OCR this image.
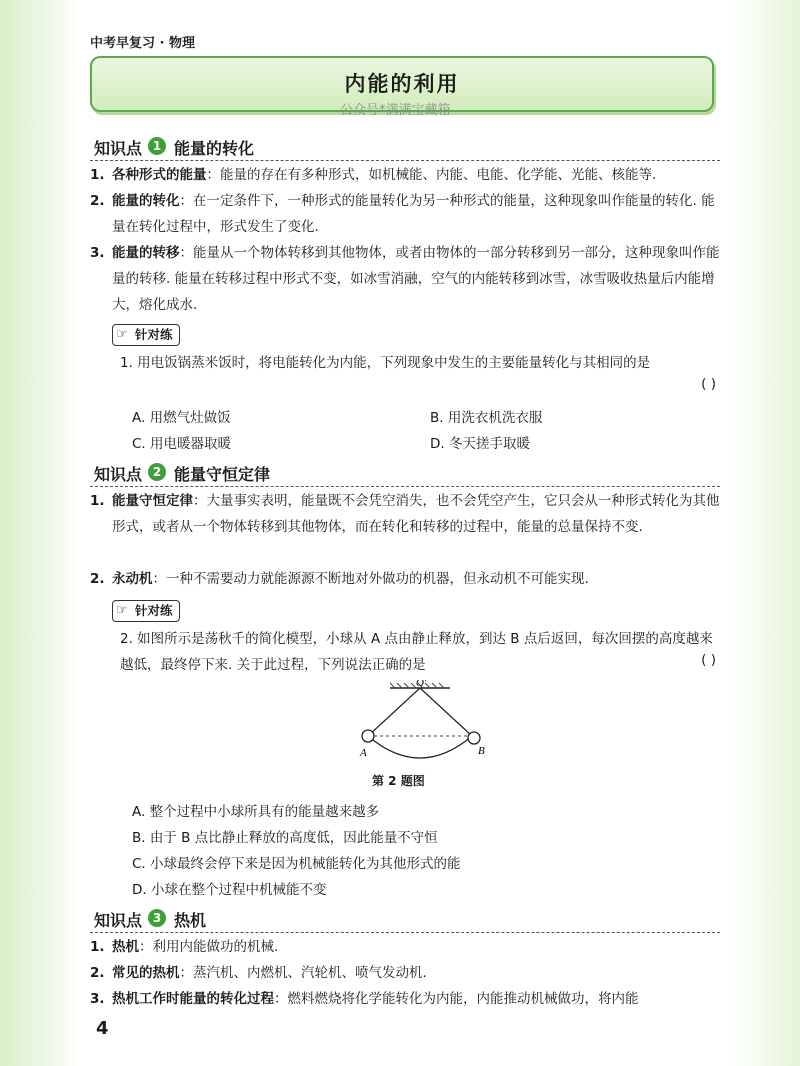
中考早复习 · 物理
内能的利用
公众号*满满宝藏箱
知识点 1 能量的转化
1. 各种形式的能量：能量的存在有多种形式，如机械能、内能、电能、化学能、光能、核能等.
2. 能量的转化：在一定条件下，一种形式的能量转化为另一种形式的能量，这种现象叫作能量的转化. 能量在转化过程中，形式发生了变化.
3. 能量的转移：能量从一个物体转移到其他物体，或者由物体的一部分转移到另一部分，这种现象叫作能量的转移. 能量在转移过程中形式不变，如冰雪消融，空气的内能转移到冰雪，冰雪吸收热量后内能增大，熔化成水.
☞ 针对练
1. 用电饭锅蒸米饭时，将电能转化为内能，下列现象中发生的主要能量转化与其相同的是
( )
A. 用燃气灶做饭	B. 用洗衣机洗衣服
C. 用电暖器取暖	D. 冬天搓手取暖
知识点 2 能量守恒定律
1. 能量守恒定律：大量事实表明，能量既不会凭空消失，也不会凭空产生，它只会从一种形式转化为其他形式，或者从一个物体转移到其他物体，而在转化和转移的过程中，能量的总量保持不变.
2. 永动机：一种不需要动力就能源源不断地对外做功的机器，但永动机不可能实现.
☞ 针对练
2. 如图所示是荡秋千的简化模型，小球从 A 点由静止释放，到达 B 点后返回，每次回摆的高度越来越低，最终停下来. 关于此过程，下列说法正确的是	( )
O′
A	B
第 2 题图
A. 整个过程中小球所具有的能量越来越多
B. 由于 B 点比静止释放的高度低，因此能量不守恒
C. 小球最终会停下来是因为机械能转化为其他形式的能
D. 小球在整个过程中机械能不变
知识点 3 热机
1. 热机：利用内能做功的机械.
2. 常见的热机：蒸汽机、内燃机、汽轮机、喷气发动机.
3. 热机工作时能量的转化过程：燃料燃烧将化学能转化为内能，内能推动机械做功，将内能
4
